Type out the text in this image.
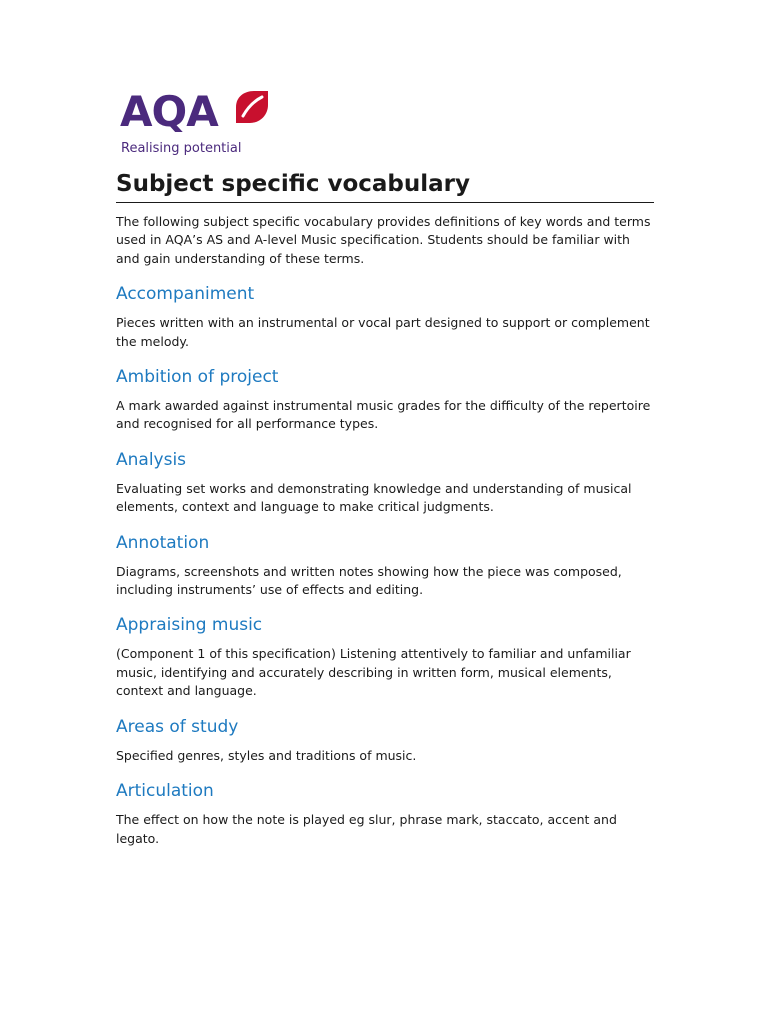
AQA
Realising potential
Subject specific vocabulary

The following subject specific vocabulary provides definitions of key words and terms used in AQA’s AS and A-level Music specification. Students should be familiar with and gain understanding of these terms.

Accompaniment

Pieces written with an instrumental or vocal part designed to support or complement the melody.

Ambition of project

A mark awarded against instrumental music grades for the difficulty of the repertoire and recognised for all performance types.

Analysis

Evaluating set works and demonstrating knowledge and understanding of musical elements, context and language to make critical judgments.

Annotation

Diagrams, screenshots and written notes showing how the piece was composed, including instruments’ use of effects and editing.

Appraising music

(Component 1 of this specification) Listening attentively to familiar and unfamiliar music, identifying and accurately describing in written form, musical elements, context and language.

Areas of study

Specified genres, styles and traditions of music.

Articulation

The effect on how the note is played eg slur, phrase mark, staccato, accent and legato.
